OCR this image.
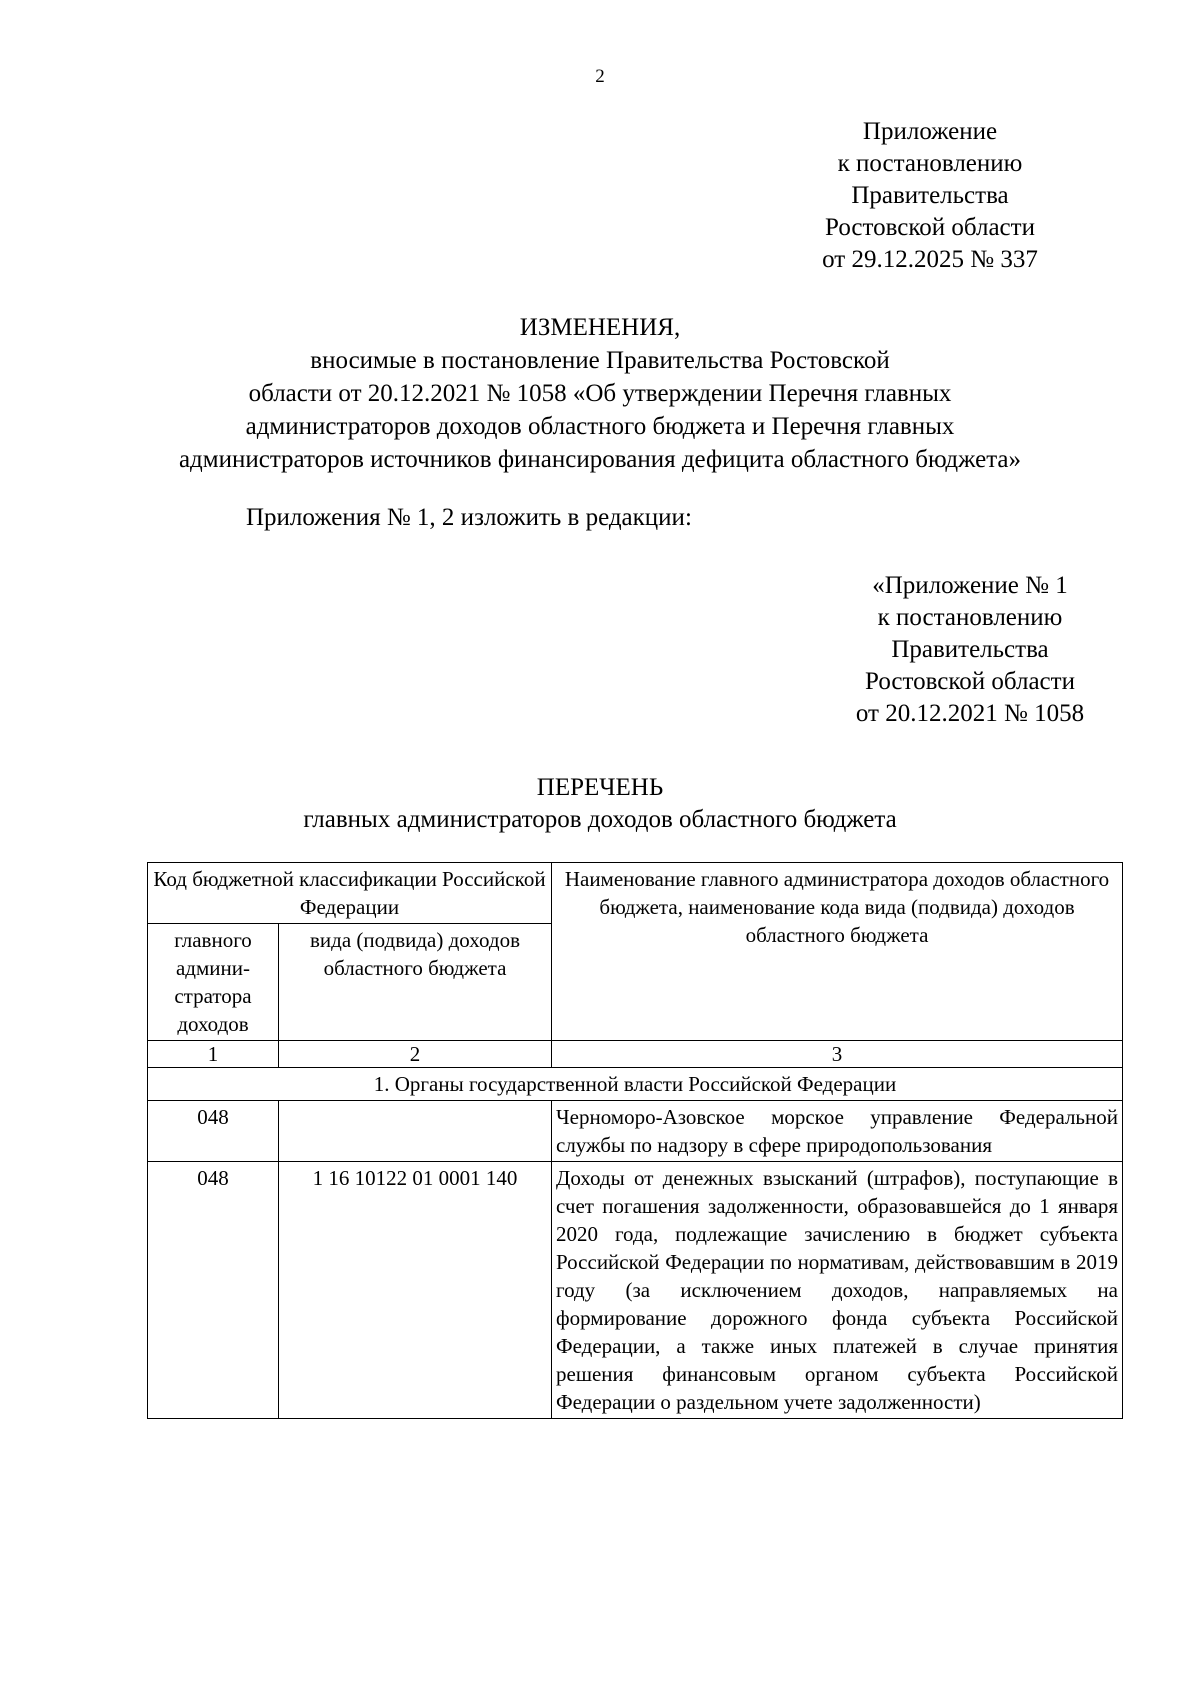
2
Приложение
к постановлению
Правительства
Ростовской области
от 29.12.2025 № 337
ИЗМЕНЕНИЯ,
вносимые в постановление Правительства Ростовской
области от 20.12.2021 № 1058 «Об утверждении Перечня главных
администраторов доходов областного бюджета и Перечня главных
администраторов источников финансирования дефицита областного бюджета»
Приложения № 1, 2 изложить в редакции:
«Приложение № 1
к постановлению
Правительства
Ростовской области
от 20.12.2021 № 1058
ПЕРЕЧЕНЬ
главных администраторов доходов областного бюджета
Код бюджетной классификации Российской Федерации		Наименование главного администратора доходов областного бюджета, наименование кода вида (подвида) доходов областного бюджета
главного админи-стратора доходов	вида (подвида) доходов областного бюджета	
1	2	3
1. Органы государственной власти Российской Федерации		
048		Черноморо-Азовское морское управление Федеральной службы по надзору в сфере природопользования
048	1 16 10122 01 0001 140	Доходы от денежных взысканий (штрафов), поступающие в счет погашения задолженности, образовавшейся до 1 января 2020 года, подлежащие зачислению в бюджет субъекта Российской Федерации по нормативам, действовавшим в 2019 году (за исключением доходов, направляемых на формирование дорожного фонда субъекта Российской Федерации, а также иных платежей в случае принятия решения финансовым органом субъекта Российской Федерации о раздельном учете задолженности)
